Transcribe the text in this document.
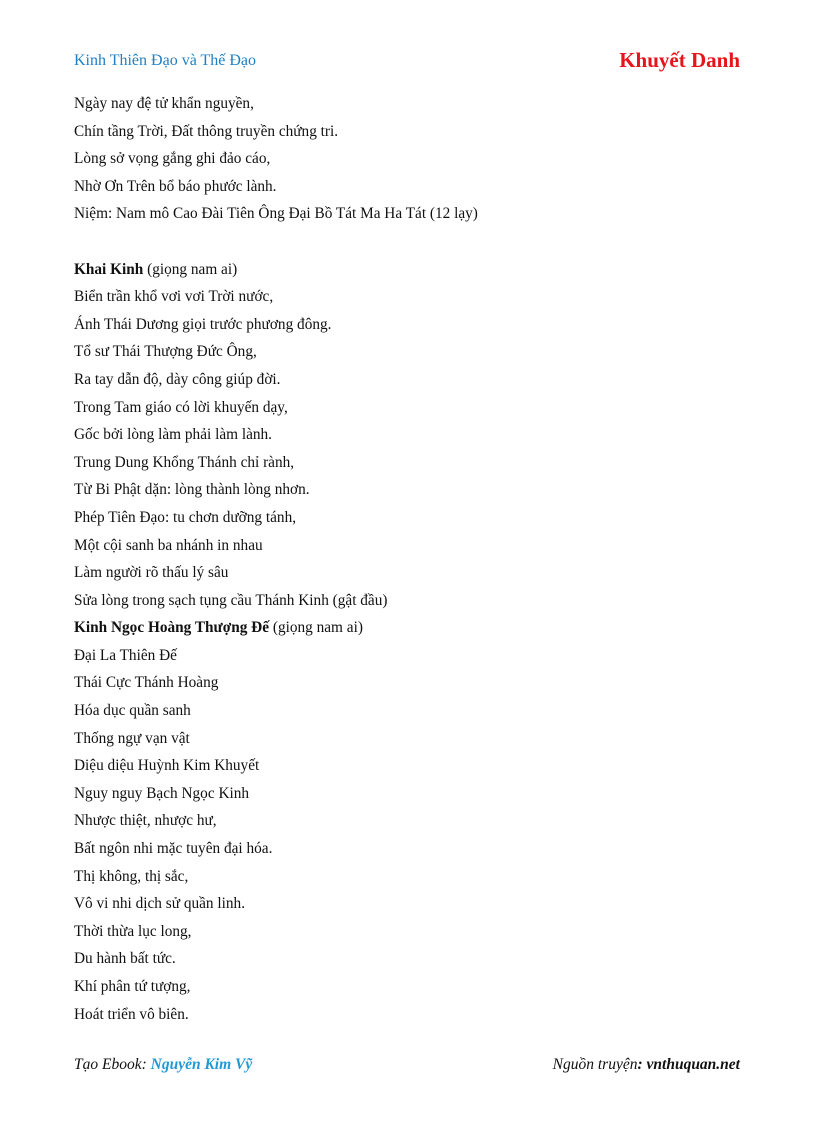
Kinh Thiên Đạo và Thế Đạo	Khuyết Danh
Ngày nay đệ tử khẩn nguyền,
Chín tầng Trời, Đất thông truyền chứng tri.
Lòng sở vọng gắng ghi đảo cáo,
Nhờ Ơn Trên bổ báo phước lành.
Niệm: Nam mô Cao Đài Tiên Ông Đại Bồ Tát Ma Ha Tát (12 lạy)
Khai Kinh (giọng nam ai)
Biển trần khổ vơi vơi Trời nước,
Ánh Thái Dương giọi trước phương đông.
Tổ sư Thái Thượng Đức Ông,
Ra tay dẫn độ, dày công giúp đời.
Trong Tam giáo có lời khuyến dạy,
Gốc bởi lòng làm phải làm lành.
Trung Dung Khổng Thánh chỉ rành,
Từ Bi Phật dặn: lòng thành lòng nhơn.
Phép Tiên Đạo: tu chơn dưỡng tánh,
Một cội sanh ba nhánh in nhau
Làm người rõ thấu lý sâu
Sửa lòng trong sạch tụng cầu Thánh Kinh (gật đầu)
Kinh Ngọc Hoàng Thượng Đế (giọng nam ai)
Đại La Thiên Đế
Thái Cực Thánh Hoàng
Hóa dục quần sanh
Thống ngự vạn vật
Diệu diệu Huỳnh Kim Khuyết
Nguy nguy Bạch Ngọc Kinh
Nhược thiệt, nhược hư,
Bất ngôn nhi mặc tuyên đại hóa.
Thị không, thị sắc,
Vô vi nhi dịch sử quần linh.
Thời thừa lục long,
Du hành bất tức.
Khí phân tứ tượng,
Hoát triển vô biên.
Tạo Ebook: Nguyễn Kim Vỹ	Nguồn truyện: vnthuquan.net
